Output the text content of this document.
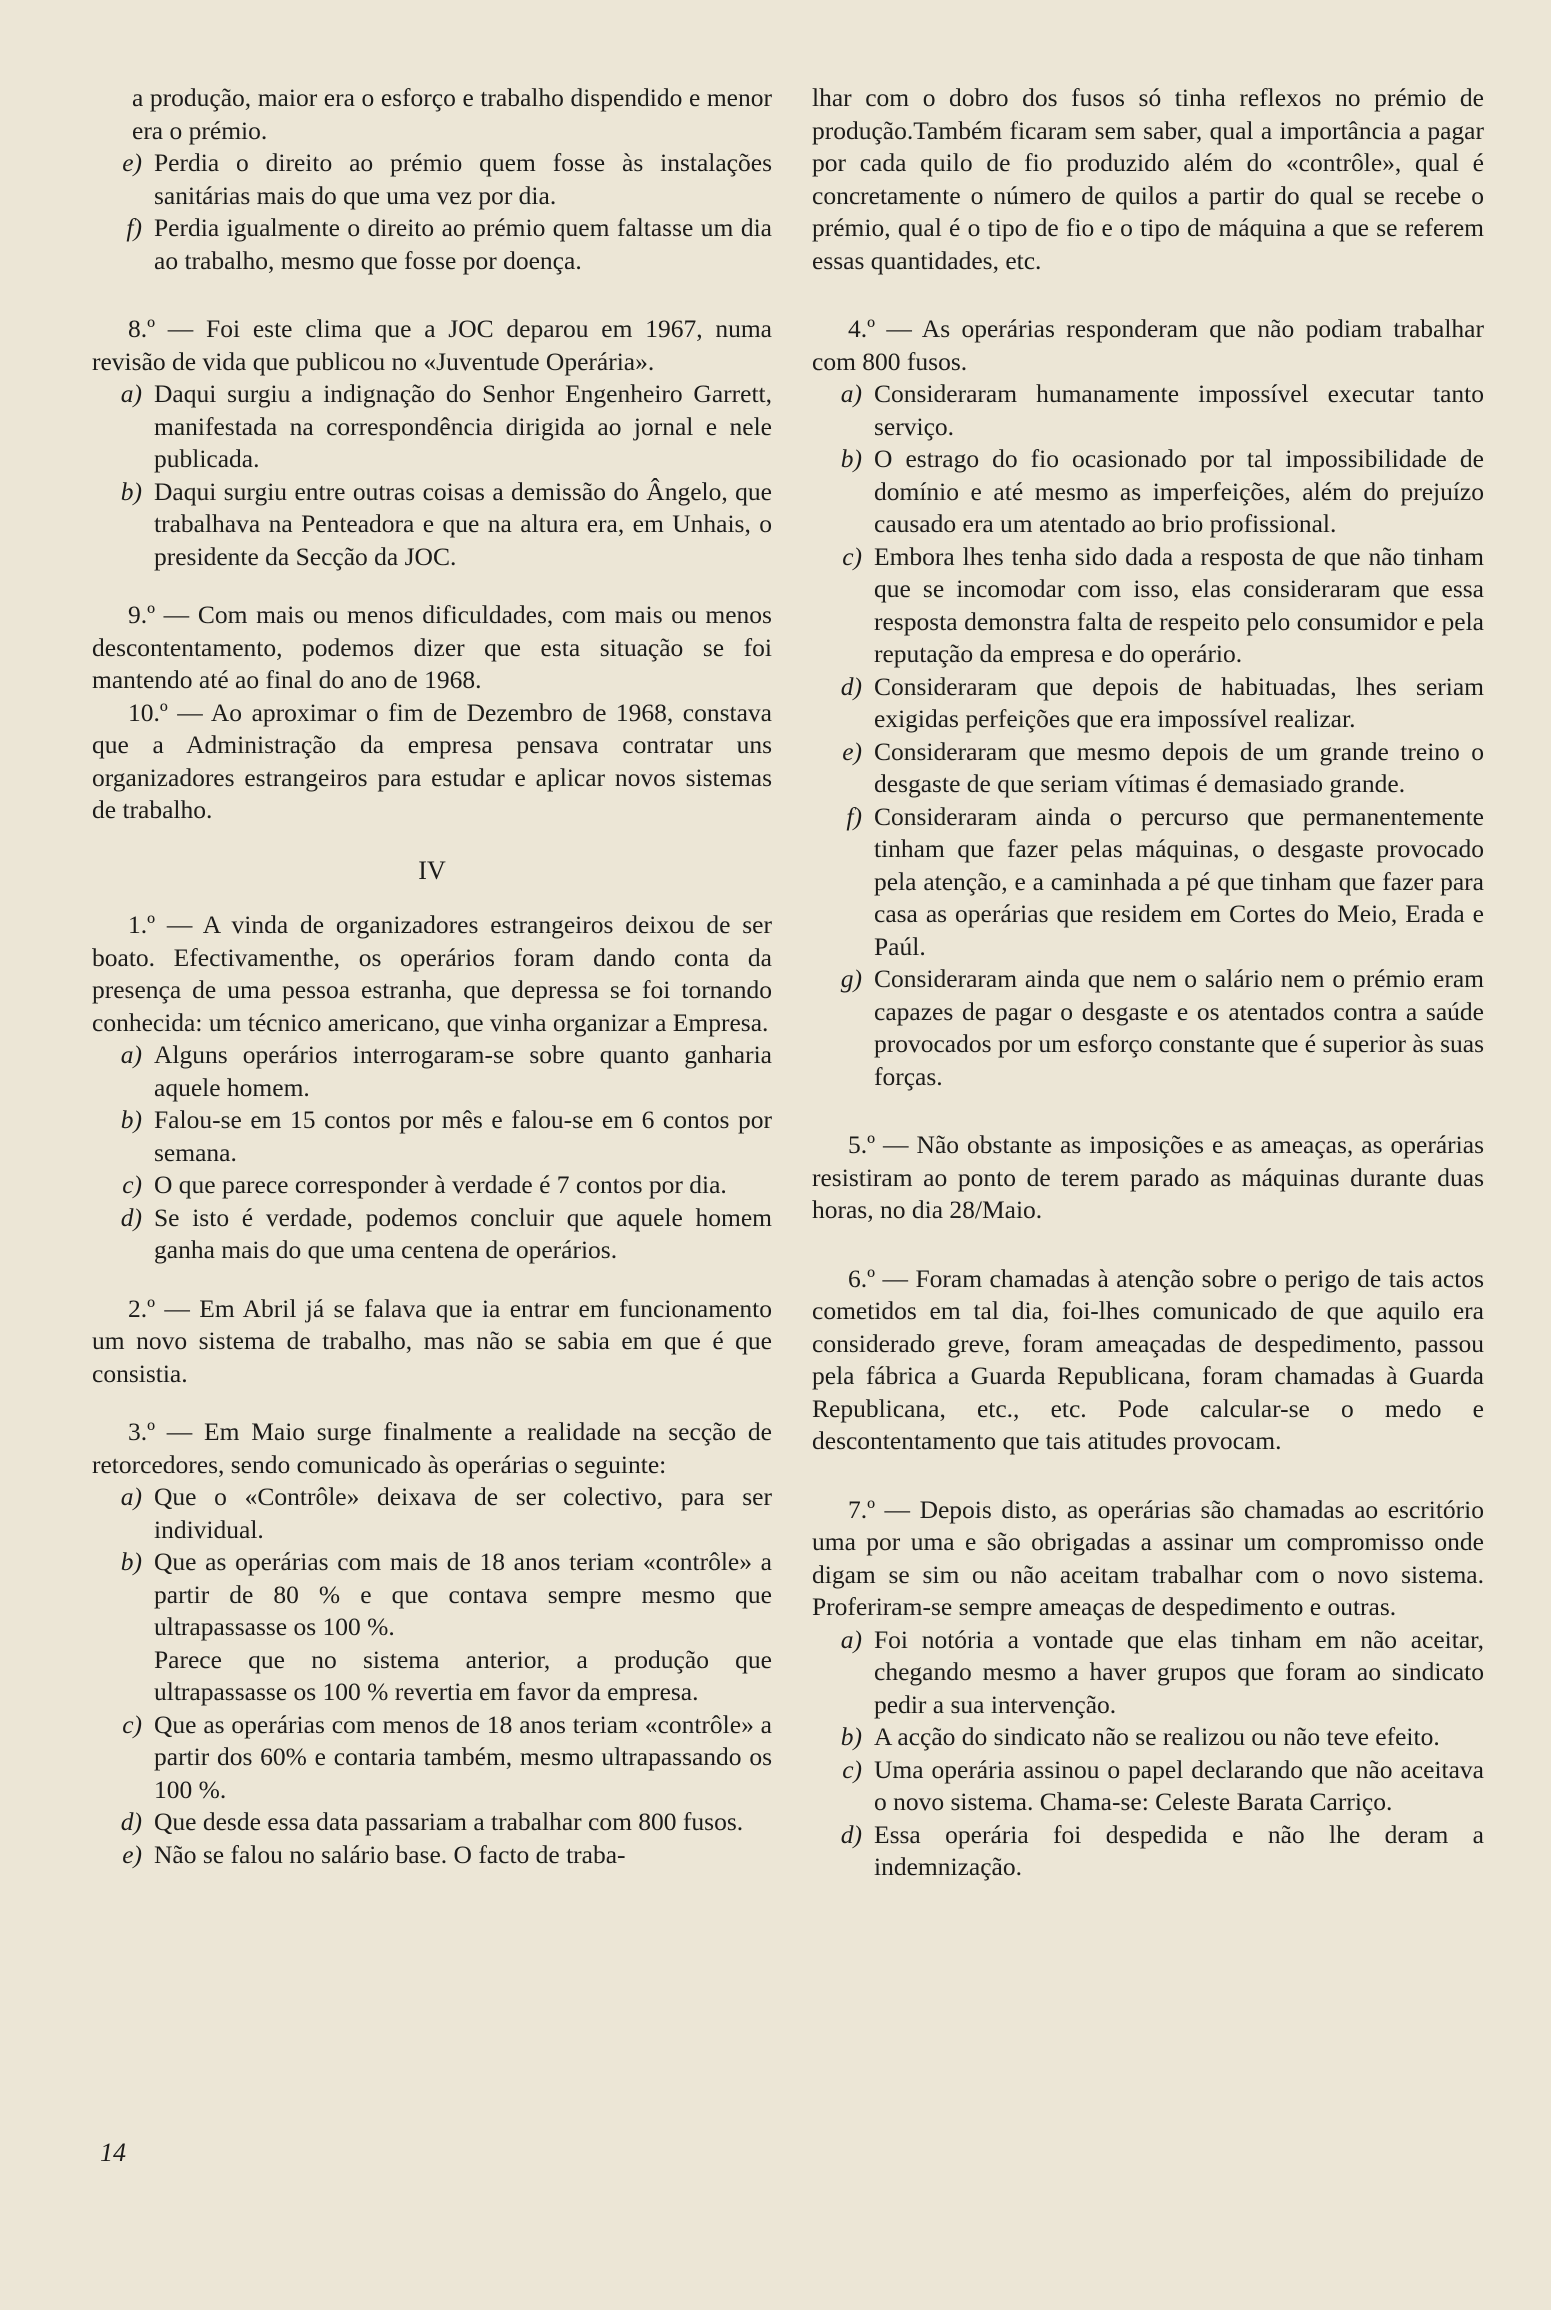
a produção, maior era o esforço e trabalho dispendido e menor era o prémio.

e) Perdia o direito ao prémio quem fosse às instalações sanitárias mais do que uma vez por dia.
f) Perdia igualmente o direito ao prémio quem faltasse um dia ao trabalho, mesmo que fosse por doença.

8.º — Foi este clima que a JOC deparou em 1967, numa revisão de vida que publicou no «Juventude Operária».

a) Daqui surgiu a indignação do Senhor Engenheiro Garrett, manifestada na correspondência dirigida ao jornal e nele publicada.
b) Daqui surgiu entre outras coisas a demissão do Ângelo, que trabalhava na Penteadora e que na altura era, em Unhais, o presidente da Secção da JOC.

9.º — Com mais ou menos dificuldades, com mais ou menos descontentamento, podemos dizer que esta situação se foi mantendo até ao final do ano de 1968.

10.º — Ao aproximar o fim de Dezembro de 1968, constava que a Administração da empresa pensava contratar uns organizadores estrangeiros para estudar e aplicar novos sistemas de trabalho.

IV

1.º — A vinda de organizadores estrangeiros deixou de ser boato. Efectivamenthe, os operários foram dando conta da presença de uma pessoa estranha, que depressa se foi tornando conhecida: um técnico americano, que vinha organizar a Empresa.

a) Alguns operários interrogaram-se sobre quanto ganharia aquele homem.
b) Falou-se em 15 contos por mês e falou-se em 6 contos por semana.
c) O que parece corresponder à verdade é 7 contos por dia.
d) Se isto é verdade, podemos concluir que aquele homem ganha mais do que uma centena de operários.

2.º — Em Abril já se falava que ia entrar em funcionamento um novo sistema de trabalho, mas não se sabia em que é que consistia.

3.º — Em Maio surge finalmente a realidade na secção de retorcedores, sendo comunicado às operárias o seguinte:

a) Que o «Contrôle» deixava de ser colectivo, para ser individual.
b) Que as operárias com mais de 18 anos teriam «contrôle» a partir de 80 % e que contava sempre mesmo que ultrapassasse os 100 %.
Parece que no sistema anterior, a produção que ultrapassasse os 100 % revertia em favor da empresa.
c) Que as operárias com menos de 18 anos teriam «contrôle» a partir dos 60% e contaria também, mesmo ultrapassando os 100 %.
d) Que desde essa data passariam a trabalhar com 800 fusos.
e) Não se falou no salário base. O facto de traba-

lhar com o dobro dos fusos só tinha reflexos no prémio de produção.Também ficaram sem saber, qual a importância a pagar por cada quilo de fio produzido além do «contrôle», qual é concretamente o número de quilos a partir do qual se recebe o prémio, qual é o tipo de fio e o tipo de máquina a que se referem essas quantidades, etc.

4.º — As operárias responderam que não podiam trabalhar com 800 fusos.

a) Consideraram humanamente impossível executar tanto serviço.
b) O estrago do fio ocasionado por tal impossibilidade de domínio e até mesmo as imperfeições, além do prejuízo causado era um atentado ao brio profissional.
c) Embora lhes tenha sido dada a resposta de que não tinham que se incomodar com isso, elas consideraram que essa resposta demonstra falta de respeito pelo consumidor e pela reputação da empresa e do operário.
d) Consideraram que depois de habituadas, lhes seriam exigidas perfeições que era impossível realizar.
e) Consideraram que mesmo depois de um grande treino o desgaste de que seriam vítimas é demasiado grande.
f) Consideraram ainda o percurso que permanentemente tinham que fazer pelas máquinas, o desgaste provocado pela atenção, e a caminhada a pé que tinham que fazer para casa as operárias que residem em Cortes do Meio, Erada e Paúl.
g) Consideraram ainda que nem o salário nem o prémio eram capazes de pagar o desgaste e os atentados contra a saúde provocados por um esforço constante que é superior às suas forças.

5.º — Não obstante as imposições e as ameaças, as operárias resistiram ao ponto de terem parado as máquinas durante duas horas, no dia 28/Maio.

6.º — Foram chamadas à atenção sobre o perigo de tais actos cometidos em tal dia, foi-lhes comunicado de que aquilo era considerado greve, foram ameaçadas de despedimento, passou pela fábrica a Guarda Republicana, foram chamadas à Guarda Republicana, etc., etc. Pode calcular-se o medo e descontentamento que tais atitudes provocam.

7.º — Depois disto, as operárias são chamadas ao escritório uma por uma e são obrigadas a assinar um compromisso onde digam se sim ou não aceitam trabalhar com o novo sistema. Proferiram-se sempre ameaças de despedimento e outras.

a) Foi notória a vontade que elas tinham em não aceitar, chegando mesmo a haver grupos que foram ao sindicato pedir a sua intervenção.
b) A acção do sindicato não se realizou ou não teve efeito.
c) Uma operária assinou o papel declarando que não aceitava o novo sistema. Chama-se: Celeste Barata Carriço.
d) Essa operária foi despedida e não lhe deram a indemnização.
14
